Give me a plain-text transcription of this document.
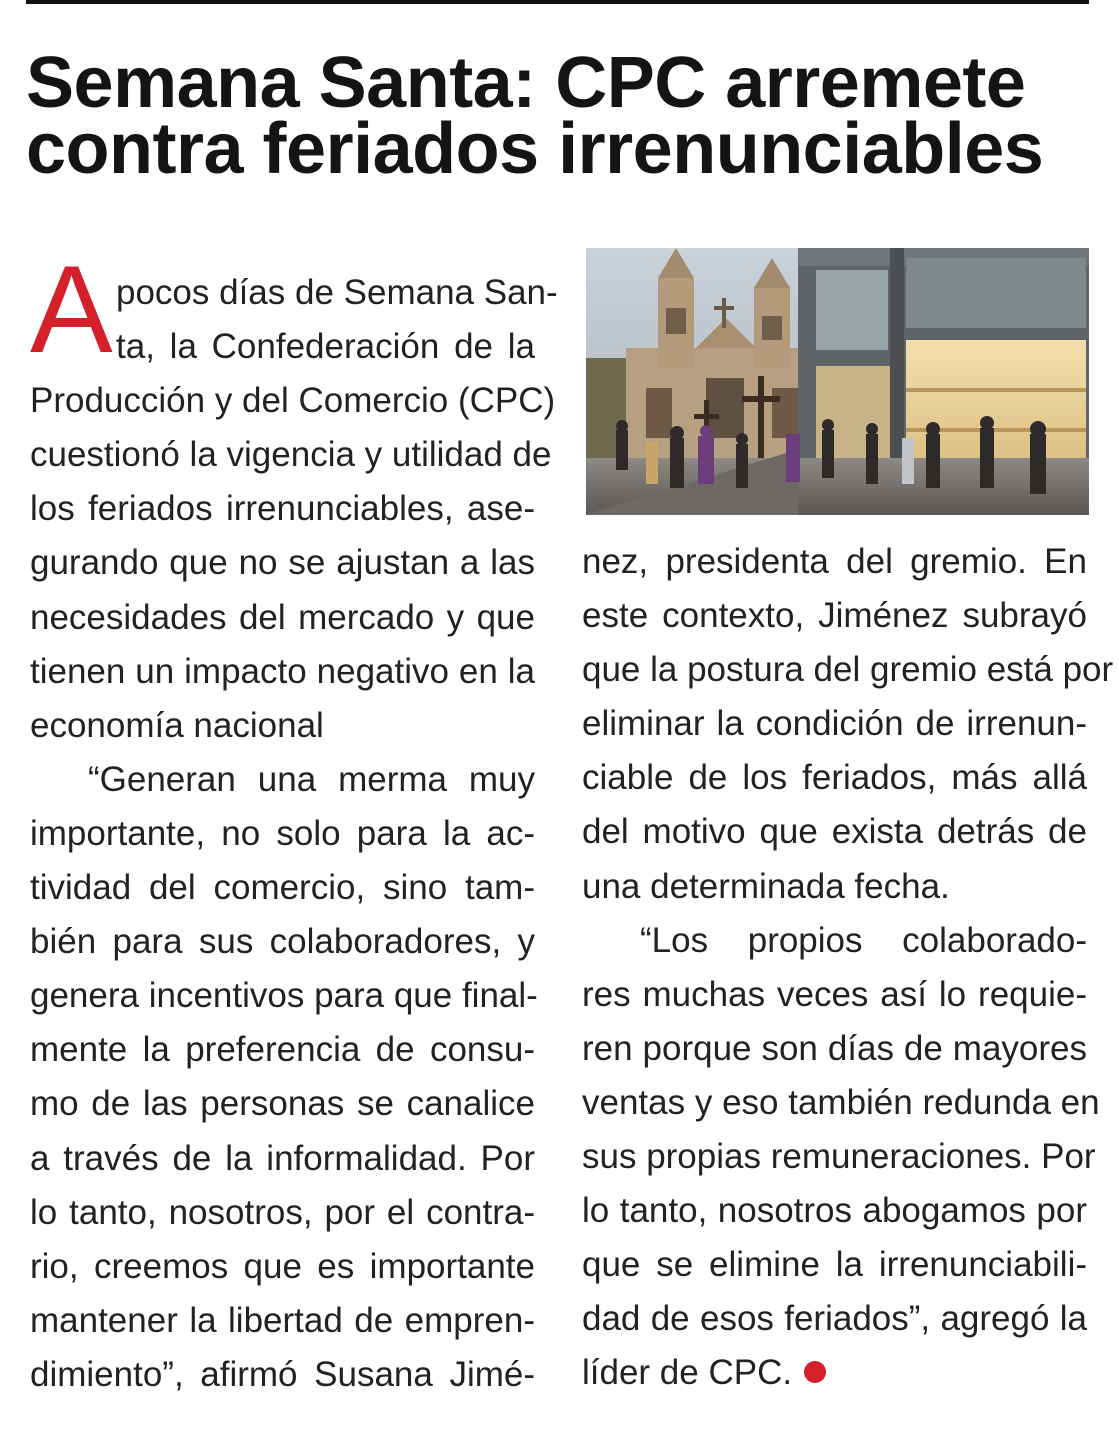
Semana Santa: CPC arremete
contra feriados irrenunciables
A pocos días de Semana San-
ta, la Confederación de la
Producción y del Comercio (CPC)
cuestionó la vigencia y utilidad de
los feriados irrenunciables, ase-
gurando que no se ajustan a las
necesidades del mercado y que
tienen un impacto negativo en la
economía nacional
“Generan una merma muy
importante, no solo para la ac-
tividad del comercio, sino tam-
bién para sus colaboradores, y
genera incentivos para que final-
mente la preferencia de consu-
mo de las personas se canalice
a través de la informalidad. Por
lo tanto, nosotros, por el contra-
rio, creemos que es importante
mantener la libertad de empren-
dimiento”, afirmó Susana Jimé-
nez, presidenta del gremio. En
este contexto, Jiménez subrayó
que la postura del gremio está por
eliminar la condición de irrenun-
ciable de los feriados, más allá
del motivo que exista detrás de
una determinada fecha.
“Los propios colaborado-
res muchas veces así lo requie-
ren porque son días de mayores
ventas y eso también redunda en
sus propias remuneraciones. Por
lo tanto, nosotros abogamos por
que se elimine la irrenunciabili-
dad de esos feriados”, agregó la
líder de CPC.
